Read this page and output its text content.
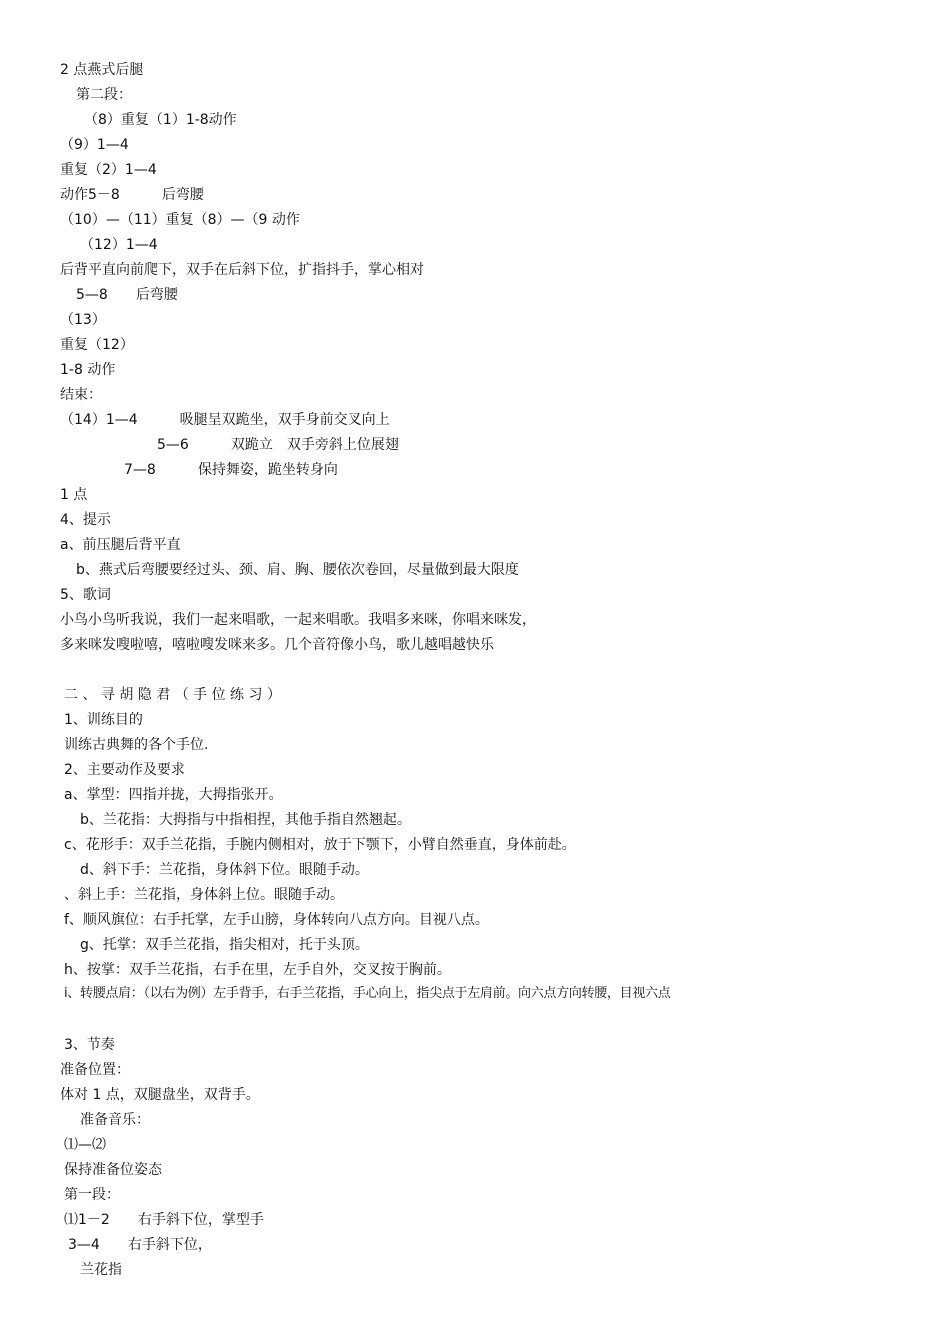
2 点燕式后腿
第二段：
（8）重复（1）1-8动作
（9）1—4
重复（2）1—4
动作5－8　　　后弯腰
（10）—（11）重复（8）—（9 动作
（12）1—4
后背平直向前爬下，双手在后斜下位，扩指抖手，掌心相对
5—8　　后弯腰
（13）
重复（12）
1-8 动作
结束：
（14）1—4　　　吸腿呈双跪坐，双手身前交叉向上
5—6　　　双跪立　双手旁斜上位展翅
7—8　　　保持舞姿，跪坐转身向
1 点
4、提示
a、前压腿后背平直
b、燕式后弯腰要经过头、颈、肩、胸、腰依次卷回，尽量做到最大限度
5、歌词
小鸟小鸟听我说，我们一起来唱歌，一起来唱歌。我唱多来咪，你唱来咪发，
多来咪发嗖啦嘻，嘻啦嗖发咪来多。几个音符像小鸟，歌儿越唱越快乐
二 、 寻 胡 隐 君 （ 手 位 练 习 ）
1、训练目的
训练古典舞的各个手位.
2、主要动作及要求
a、掌型：四指并拢，大拇指张开。
b、兰花指：大拇指与中指相捏，其他手指自然翘起。
c、花形手：双手兰花指，手腕内侧相对，放于下颚下，小臂自然垂直，身体前赴。
d、斜下手：兰花指，身体斜下位。眼随手动。
、斜上手：兰花指，身体斜上位。眼随手动。
f、顺风旗位：右手托掌，左手山膀，身体转向八点方向。目视八点。
g、托掌：双手兰花指，指尖相对，托于头顶。
h、按掌：双手兰花指，右手在里，左手自外，交叉按于胸前。
i、转腰点肩：（以右为例）左手背手，右手兰花指，手心向上，指尖点于左肩前。向六点方向转腰，目视六点
3、节奏
准备位置：
体对 1 点，双腿盘坐，双背手。
准备音乐：
⑴—⑵
保持准备位姿态
第一段：
⑴1－2　　右手斜下位，掌型手
3—4　　右手斜下位，
兰花指
